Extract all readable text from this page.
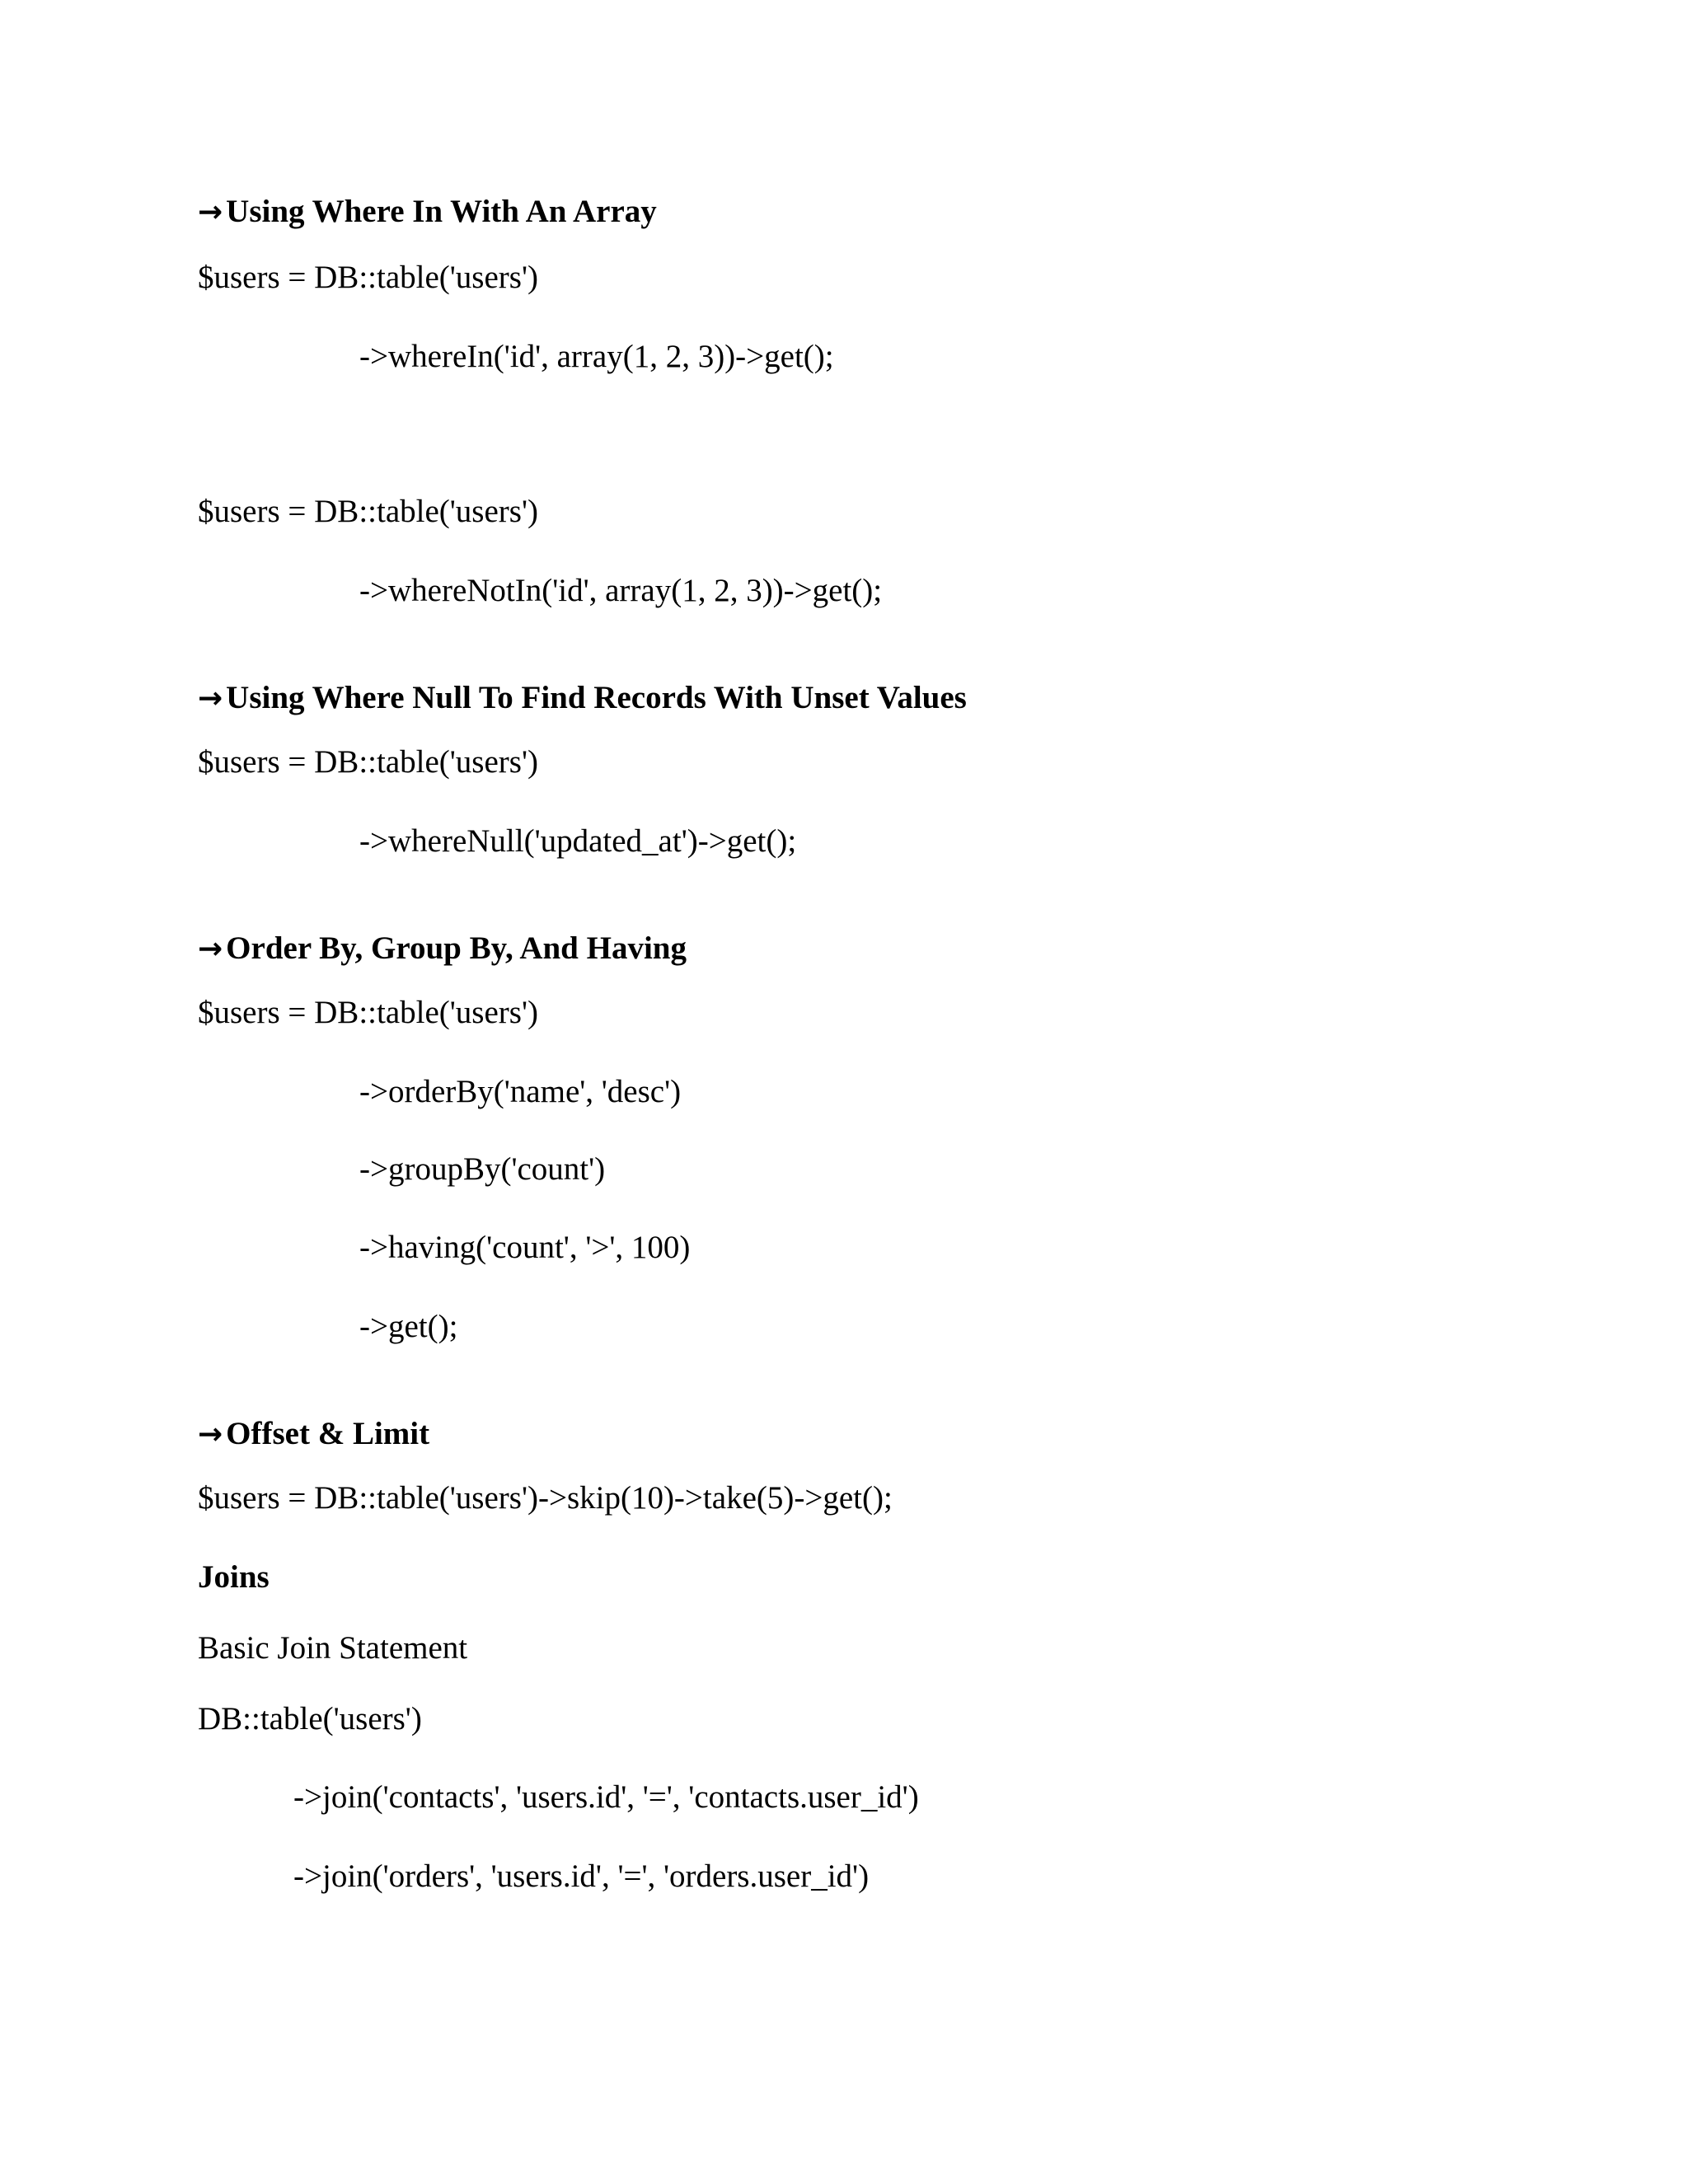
→ Using Where In With An Array

$users = DB::table('users')

->whereIn('id', array(1, 2, 3))->get();

$users = DB::table('users')

->whereNotIn('id', array(1, 2, 3))->get();

→ Using Where Null To Find Records With Unset Values

$users = DB::table('users')

->whereNull('updated_at')->get();

→ Order By, Group By, And Having

$users = DB::table('users')

->orderBy('name', 'desc')

->groupBy('count')

->having('count', '>', 100)

->get();

→ Offset & Limit

$users = DB::table('users')->skip(10)->take(5)->get();

Joins

Basic Join Statement

DB::table('users')

->join('contacts', 'users.id', '=', 'contacts.user_id')

->join('orders', 'users.id', '=', 'orders.user_id')
